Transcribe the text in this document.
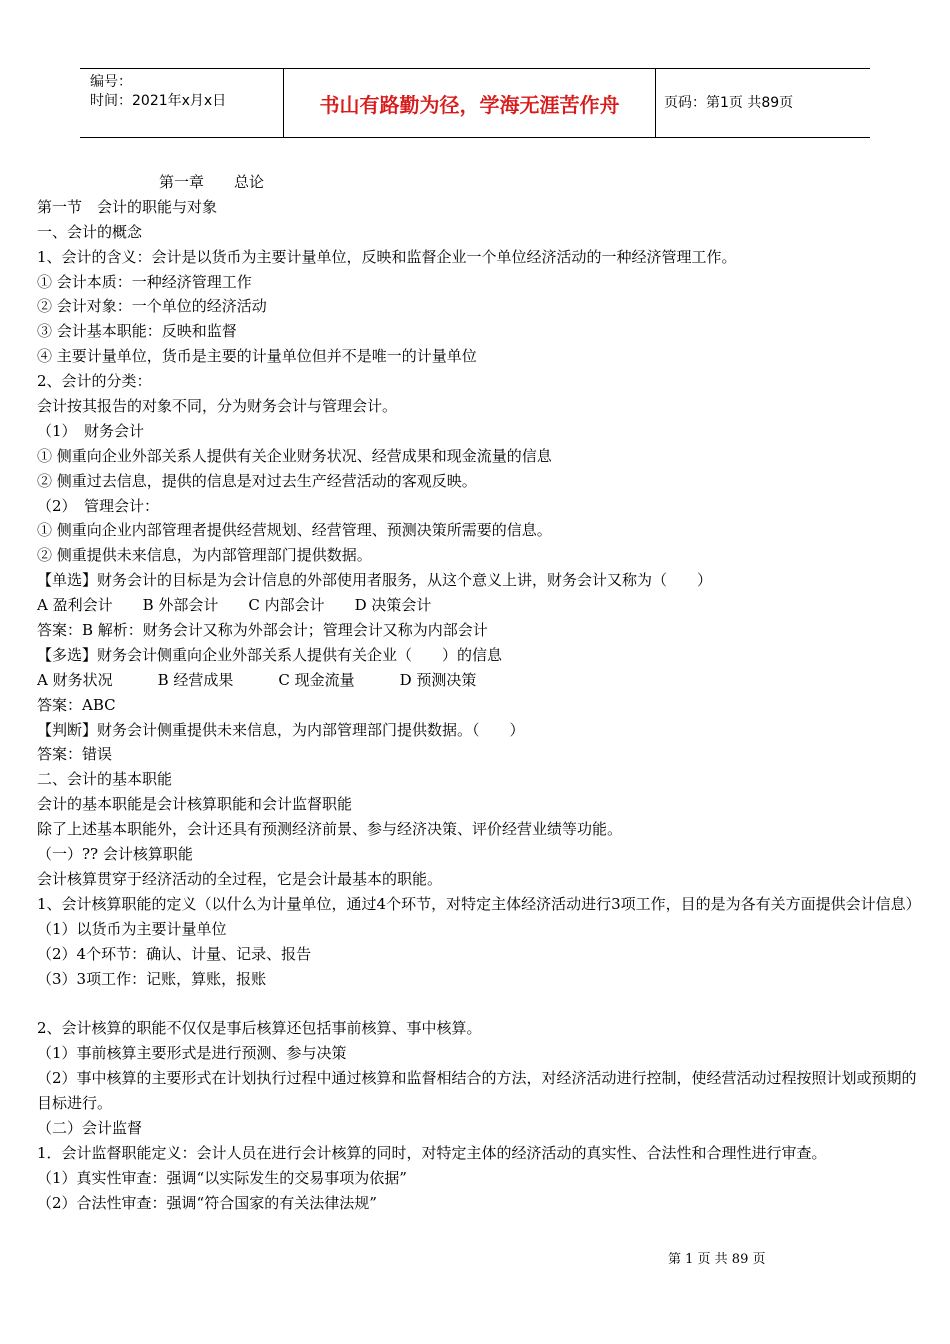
编号：
时间：2021年x月x日	书山有路勤为径，学海无涯苦作舟	页码：第1页 共89页
第一章　　总论
第一节　会计的职能与对象
一、会计的概念
1、会计的含义：会计是以货币为主要计量单位，反映和监督企业一个单位经济活动的一种经济管理工作。
① 会计本质：一种经济管理工作
② 会计对象：一个单位的经济活动
③ 会计基本职能：反映和监督
④ 主要计量单位，货币是主要的计量单位但并不是唯一的计量单位
2、会计的分类：
会计按其报告的对象不同，分为财务会计与管理会计。
（1）　财务会计
① 侧重向企业外部关系人提供有关企业财务状况、经营成果和现金流量的信息
② 侧重过去信息，提供的信息是对过去生产经营活动的客观反映。
（2）　管理会计：
① 侧重向企业内部管理者提供经营规划、经营管理、预测决策所需要的信息。
② 侧重提供未来信息，为内部管理部门提供数据。
【单选】财务会计的目标是为会计信息的外部使用者服务，从这个意义上讲，财务会计又称为（　　）
A 盈利会计　　B 外部会计　　C 内部会计　　D 决策会计
答案：B 解析：财务会计又称为外部会计；管理会计又称为内部会计
【多选】财务会计侧重向企业外部关系人提供有关企业（　　）的信息
A 财务状况　　　B 经营成果　　　C 现金流量　　　D 预测决策
答案：ABC
【判断】财务会计侧重提供未来信息，为内部管理部门提供数据。（　　）
答案：错误
二、会计的基本职能
会计的基本职能是会计核算职能和会计监督职能
除了上述基本职能外，会计还具有预测经济前景、参与经济决策、评价经营业绩等功能。
（一）?? 会计核算职能
会计核算贯穿于经济活动的全过程，它是会计最基本的职能。
1、会计核算职能的定义（以什么为计量单位，通过4个环节，对特定主体经济活动进行3项工作，目的是为各有关方面提供会计信息）
（1）以货币为主要计量单位
（2）4个环节：确认、计量、记录、报告
（3）3项工作：记账，算账，报账
2、会计核算的职能不仅仅是事后核算还包括事前核算、事中核算。
（1）事前核算主要形式是进行预测、参与决策
（2）事中核算的主要形式在计划执行过程中通过核算和监督相结合的方法，对经济活动进行控制，使经营活动过程按照计划或预期的目标进行。
（二）会计监督
1．会计监督职能定义：会计人员在进行会计核算的同时，对特定主体的经济活动的真实性、合法性和合理性进行审查。
（1）真实性审查：强调“以实际发生的交易事项为依据”
（2）合法性审查：强调“符合国家的有关法律法规”
第 1 页 共 89 页
